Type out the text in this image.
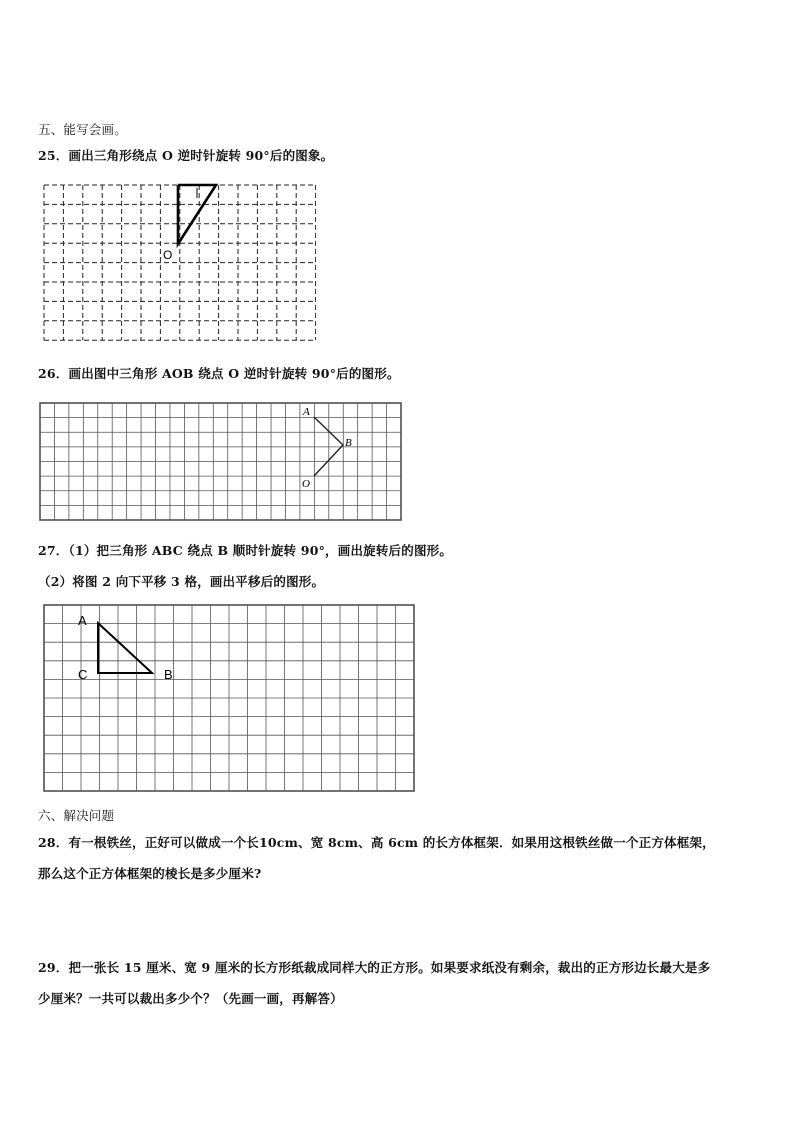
五、能写会画。
25．画出三角形绕点 O 逆时针旋转 90°后的图象。
O
26．画出图中三角形 AOB 绕点 O 逆时针旋转 90°后的图形。
A
B
O
27．（1）把三角形 ABC 绕点 B 顺时针旋转 90°，画出旋转后的图形。
（2）将图 2 向下平移 3 格，画出平移后的图形。
A
C	B
六、解决问题
28．有一根铁丝，正好可以做成一个长10cm、宽 8cm、高 6cm 的长方体框架．如果用这根铁丝做一个正方体框架，
那么这个正方体框架的棱长是多少厘米?
29．把一张长 15 厘米、宽 9 厘米的长方形纸裁成同样大的正方形。如果要求纸没有剩余，裁出的正方形边长最大是多
少厘米？一共可以裁出多少个？（先画一画，再解答）
